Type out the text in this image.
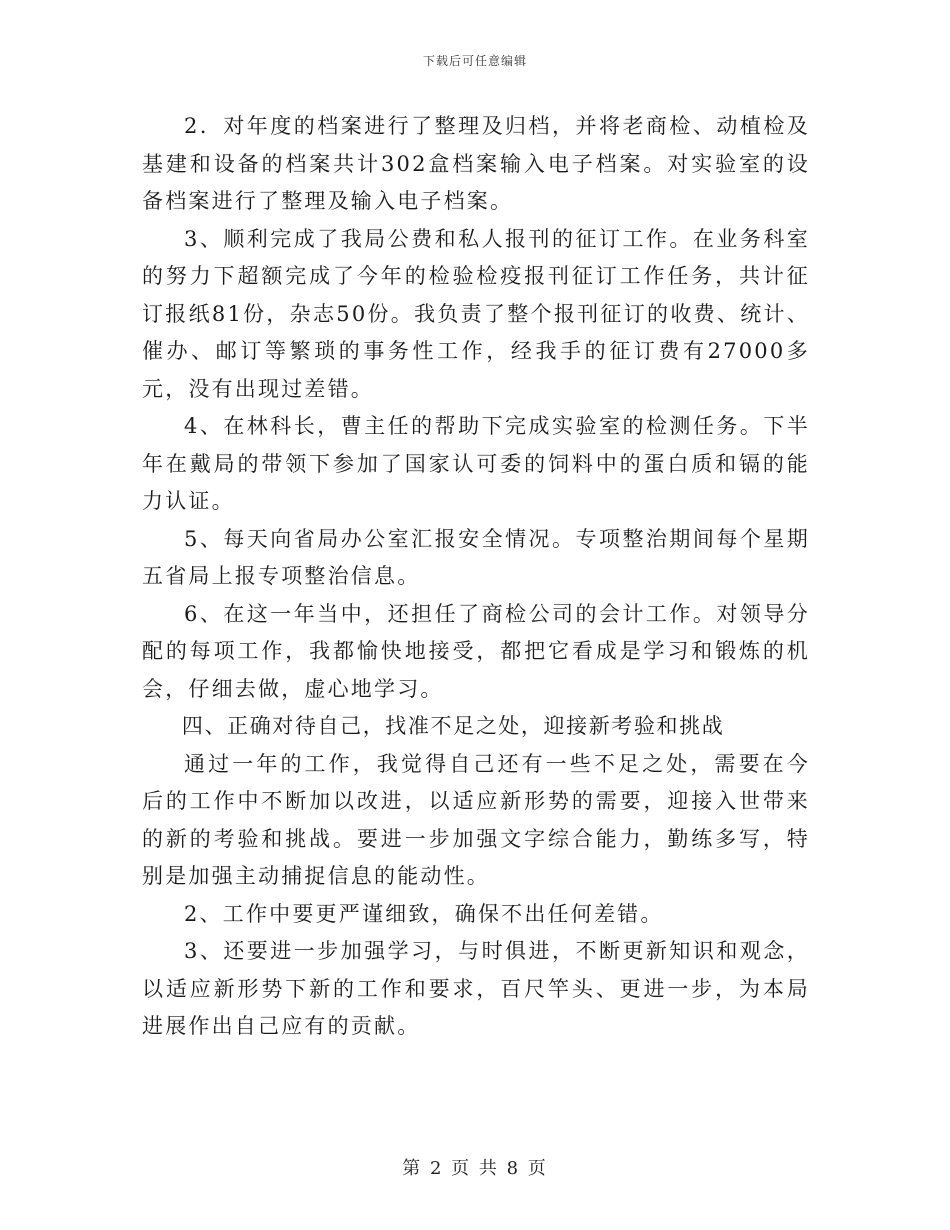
下载后可任意编辑

2．对年度的档案进行了整理及归档，并将老商检、动植检及基建和设备的档案共计302盒档案输入电子档案。对实验室的设备档案进行了整理及输入电子档案。

3、顺利完成了我局公费和私人报刊的征订工作。在业务科室的努力下超额完成了今年的检验检疫报刊征订工作任务，共计征订报纸81份，杂志50份。我负责了整个报刊征订的收费、统计、催办、邮订等繁琐的事务性工作，经我手的征订费有27000多元，没有出现过差错。

4、在林科长，曹主任的帮助下完成实验室的检测任务。下半年在戴局的带领下参加了国家认可委的饲料中的蛋白质和镉的能力认证。

5、每天向省局办公室汇报安全情况。专项整治期间每个星期五省局上报专项整治信息。

6、在这一年当中，还担任了商检公司的会计工作。对领导分配的每项工作，我都愉快地接受，都把它看成是学习和锻炼的机会，仔细去做，虚心地学习。

四、正确对待自己，找准不足之处，迎接新考验和挑战

通过一年的工作，我觉得自己还有一些不足之处，需要在今后的工作中不断加以改进，以适应新形势的需要，迎接入世带来的新的考验和挑战。要进一步加强文字综合能力，勤练多写，特别是加强主动捕捉信息的能动性。

2、工作中要更严谨细致，确保不出任何差错。

3、还要进一步加强学习，与时俱进，不断更新知识和观念，以适应新形势下新的工作和要求，百尺竿头、更进一步，为本局进展作出自己应有的贡献。

第 2 页 共 8 页
